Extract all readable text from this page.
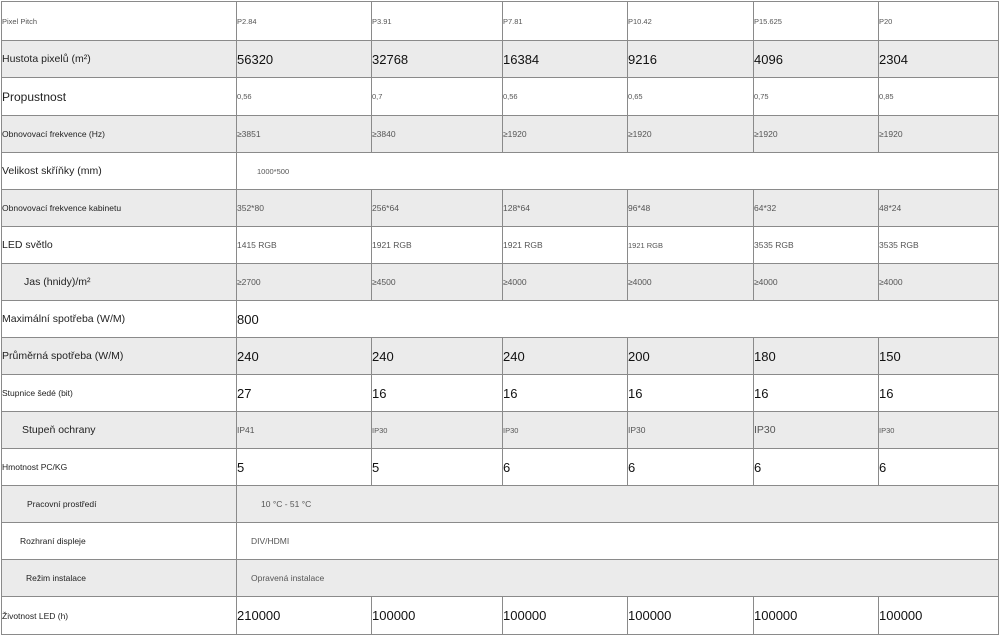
Pixel Pitch	P2.84	P3.91	P7.81	P10.42	P15.625	P20
Hustota pixelů (m²)	56320	32768	16384	9216	4096	2304
Propustnost	0,56	0,7	0,56	0,65	0,75	0,85
Obnovovací frekvence (Hz)	≥3851	≥3840	≥1920	≥1920	≥1920	≥1920
Velikost skříňky (mm)	1000*500					
Obnovovací frekvence kabinetu	352*80	256*64	128*64	96*48	64*32	48*24
LED světlo	1415 RGB	1921 RGB	1921 RGB	1921 RGB	3535 RGB	3535 RGB
Jas (hnidy)/m²	≥2700	≥4500	≥4000	≥4000	≥4000	≥4000
Maximální spotřeba (W/M)	800					
Průměrná spotřeba (W/M)	240	240	240	200	180	150
Stupnice šedé (bit)	27	16	16	16	16	16
Stupeň ochrany	IP41	IP30	IP30	IP30	IP30	IP30
Hmotnost PC/KG	5	5	6	6	6	6
Pracovní prostředí	10 °C - 51 °C					
Rozhraní displeje	DIV/HDMI					
Režim instalace	Opravená instalace					
Životnost LED (h)	210000	100000	100000	100000	100000	100000
